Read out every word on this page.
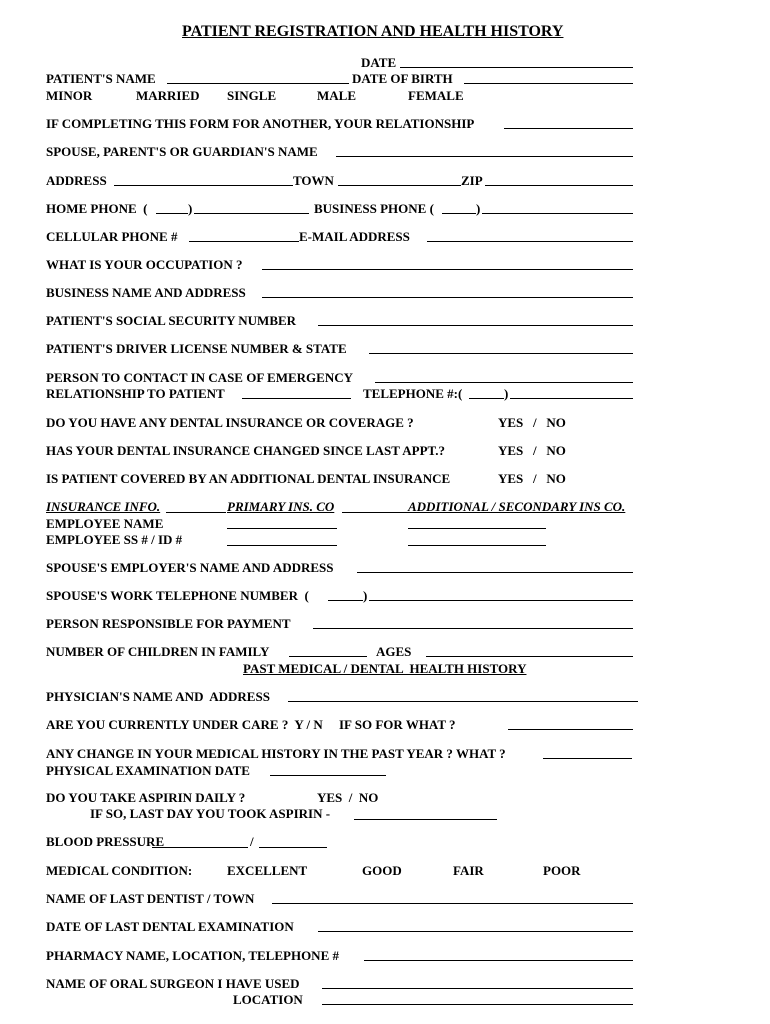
PATIENT REGISTRATION AND HEALTH HISTORY
DATE
PATIENT'S NAME	DATE OF BIRTH
MINOR	MARRIED SINGLE	MALE	FEMALE
IF COMPLETING THIS FORM FOR ANOTHER, YOUR RELATIONSHIP
SPOUSE, PARENT'S OR GUARDIAN'S NAME
ADDRESS	TOWN	ZIP
HOME PHONE  (	)	BUSINESS PHONE (	)
CELLULAR PHONE #	E-MAIL ADDRESS
WHAT IS YOUR OCCUPATION ?
BUSINESS NAME AND ADDRESS
PATIENT'S SOCIAL SECURITY NUMBER
PATIENT'S DRIVER LICENSE NUMBER & STATE
PERSON TO CONTACT IN CASE OF EMERGENCY
RELATIONSHIP TO PATIENT	TELEPHONE #:(	)
DO YOU HAVE ANY DENTAL INSURANCE OR COVERAGE ?	YES   /   NO
HAS YOUR DENTAL INSURANCE CHANGED SINCE LAST APPT.?	YES   /   NO
IS PATIENT COVERED BY AN ADDITIONAL DENTAL INSURANCE	YES   /   NO
INSURANCE INFO.	PRIMARY INS. CO	ADDITIONAL / SECONDARY INS CO.
EMPLOYEE NAME
EMPLOYEE SS # / ID #
SPOUSE'S EMPLOYER'S NAME AND ADDRESS
SPOUSE'S WORK TELEPHONE NUMBER  (	)
PERSON RESPONSIBLE FOR PAYMENT
NUMBER OF CHILDREN IN FAMILY	AGES
PAST MEDICAL / DENTAL  HEALTH HISTORY
PHYSICIAN'S NAME AND  ADDRESS
ARE YOU CURRENTLY UNDER CARE ?  Y / N     IF SO FOR WHAT ?
ANY CHANGE IN YOUR MEDICAL HISTORY IN THE PAST YEAR ? WHAT ?
PHYSICAL EXAMINATION DATE
DO YOU TAKE ASPIRIN DAILY ?	YES  /  NO
IF SO, LAST DAY YOU TOOK ASPIRIN -
BLOOD PRESSURE	/
MEDICAL CONDITION:	EXCELLENT	GOOD	FAIR	POOR
NAME OF LAST DENTIST / TOWN
DATE OF LAST DENTAL EXAMINATION
PHARMACY NAME, LOCATION, TELEPHONE #
NAME OF ORAL SURGEON I HAVE USED
LOCATION
